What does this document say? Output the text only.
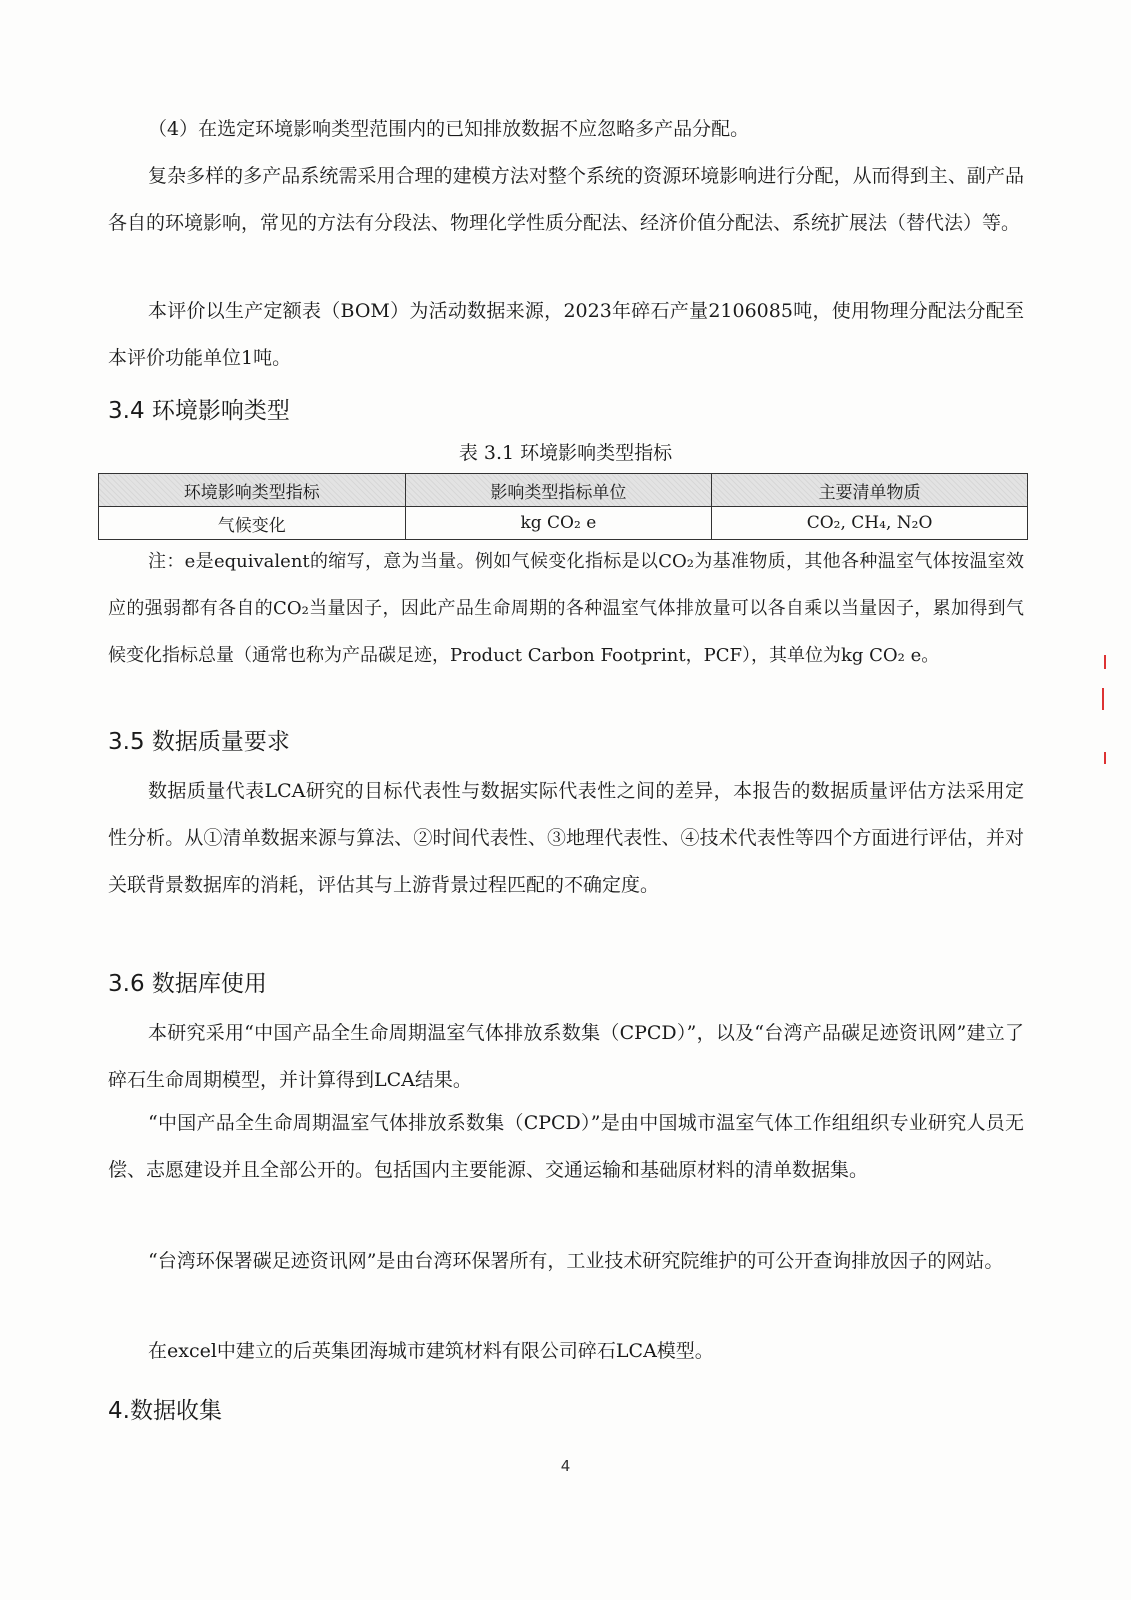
（4）在选定环境影响类型范围内的已知排放数据不应忽略多产品分配。

复杂多样的多产品系统需采用合理的建模方法对整个系统的资源环境影响进行分配，从而得到主、副产品各自的环境影响，常见的方法有分段法、物理化学性质分配法、经济价值分配法、系统扩展法（替代法）等。

本评价以生产定额表（BOM）为活动数据来源，2023年碎石产量2106085吨，使用物理分配法分配至本评价功能单位1吨。

3.4 环境影响类型

表 3.1 环境影响类型指标

环境影响类型指标	影响类型指标单位	主要清单物质
气候变化	kg CO₂ e	CO₂, CH₄, N₂O

注：e是equivalent的缩写，意为当量。例如气候变化指标是以CO₂为基准物质，其他各种温室气体按温室效应的强弱都有各自的CO₂当量因子，因此产品生命周期的各种温室气体排放量可以各自乘以当量因子，累加得到气候变化指标总量（通常也称为产品碳足迹，Product Carbon Footprint，PCF），其单位为kg CO₂ e。

3.5 数据质量要求

数据质量代表LCA研究的目标代表性与数据实际代表性之间的差异，本报告的数据质量评估方法采用定性分析。从①清单数据来源与算法、②时间代表性、③地理代表性、④技术代表性等四个方面进行评估，并对关联背景数据库的消耗，评估其与上游背景过程匹配的不确定度。

3.6 数据库使用

本研究采用“中国产品全生命周期温室气体排放系数集（CPCD）”，以及“台湾产品碳足迹资讯网”建立了碎石生命周期模型，并计算得到LCA结果。

“中国产品全生命周期温室气体排放系数集（CPCD）”是由中国城市温室气体工作组组织专业研究人员无偿、志愿建设并且全部公开的。包括国内主要能源、交通运输和基础原材料的清单数据集。

“台湾环保署碳足迹资讯网”是由台湾环保署所有，工业技术研究院维护的可公开查询排放因子的网站。

在excel中建立的后英集团海城市建筑材料有限公司碎石LCA模型。

4.数据收集
4
